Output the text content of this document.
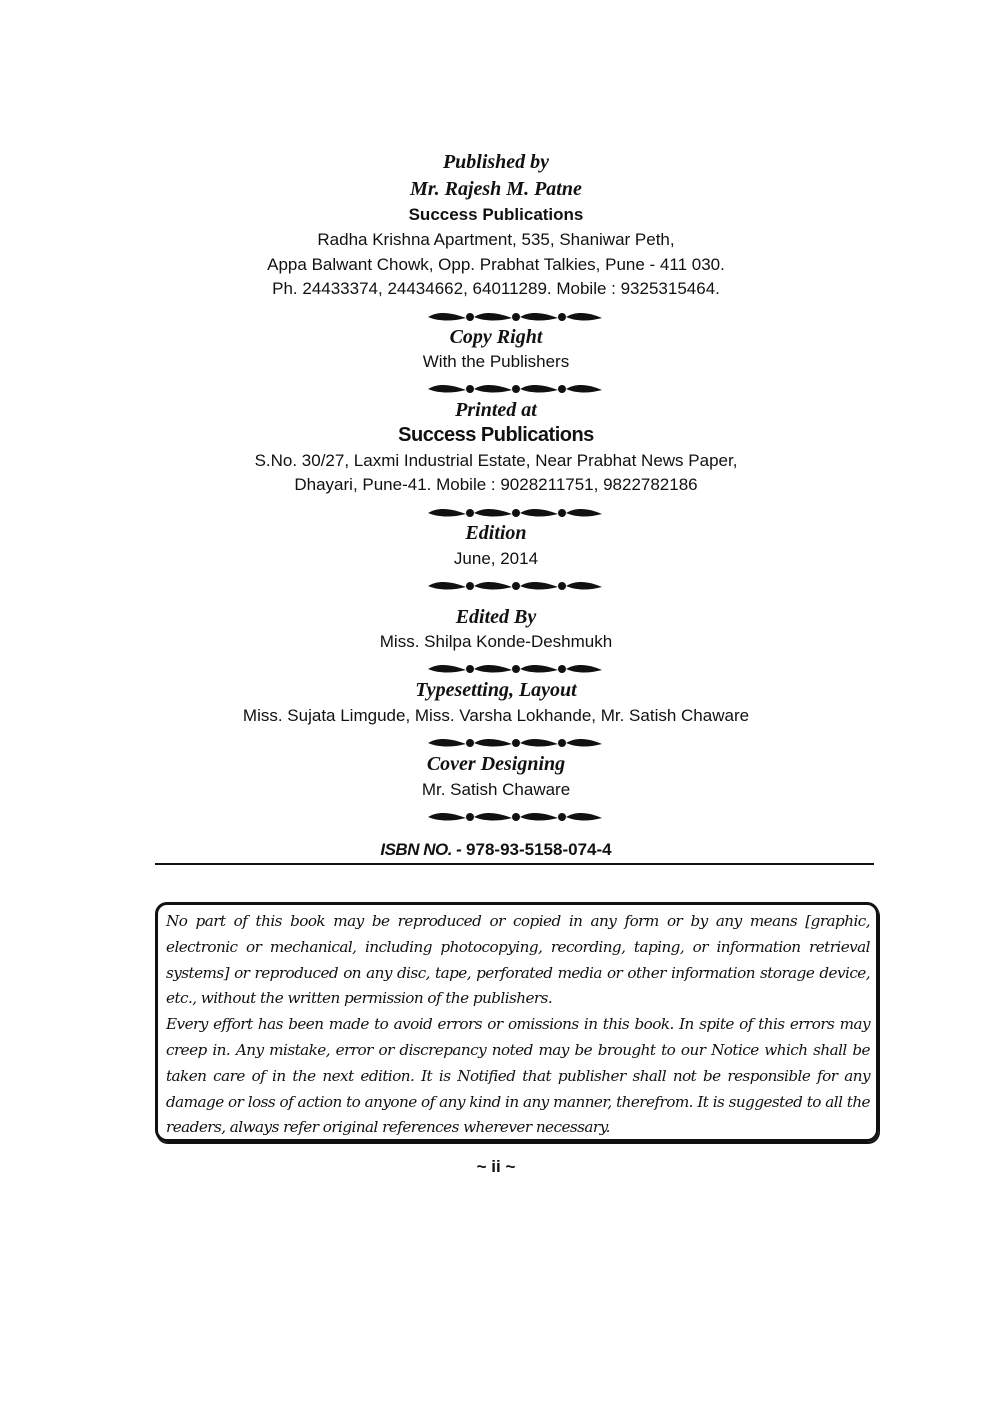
Published by
Mr. Rajesh M. Patne
Success Publications
Radha Krishna Apartment, 535, Shaniwar Peth,
Appa Balwant Chowk, Opp. Prabhat Talkies, Pune - 411 030.
Ph. 24433374, 24434662, 64011289. Mobile : 9325315464.
Copy Right
With the Publishers
Printed at
Success Publications
S.No. 30/27, Laxmi Industrial Estate, Near Prabhat News Paper,
Dhayari, Pune-41. Mobile : 9028211751, 9822782186
Edition
June, 2014
Edited By
Miss. Shilpa Konde-Deshmukh
Typesetting, Layout
Miss. Sujata Limgude, Miss. Varsha Lokhande, Mr. Satish Chaware
Cover Designing
Mr. Satish Chaware
ISBN NO. - 978-93-5158-074-4

No part of this book may be reproduced or copied in any form or by any means [graphic, electronic or mechanical, including photocopying, recording, taping, or information retrieval systems] or reproduced on any disc, tape, perforated media or other information storage device, etc., without the written permission of the publishers.

Every effort has been made to avoid errors or omissions in this book. In spite of this errors may creep in. Any mistake, error or discrepancy noted may be brought to our Notice which shall be taken care of in the next edition. It is Notified that publisher shall not be responsible for any damage or loss of action to anyone of any kind in any manner, therefrom. It is suggested to all the readers, always refer original references wherever necessary.

~ ii ~
